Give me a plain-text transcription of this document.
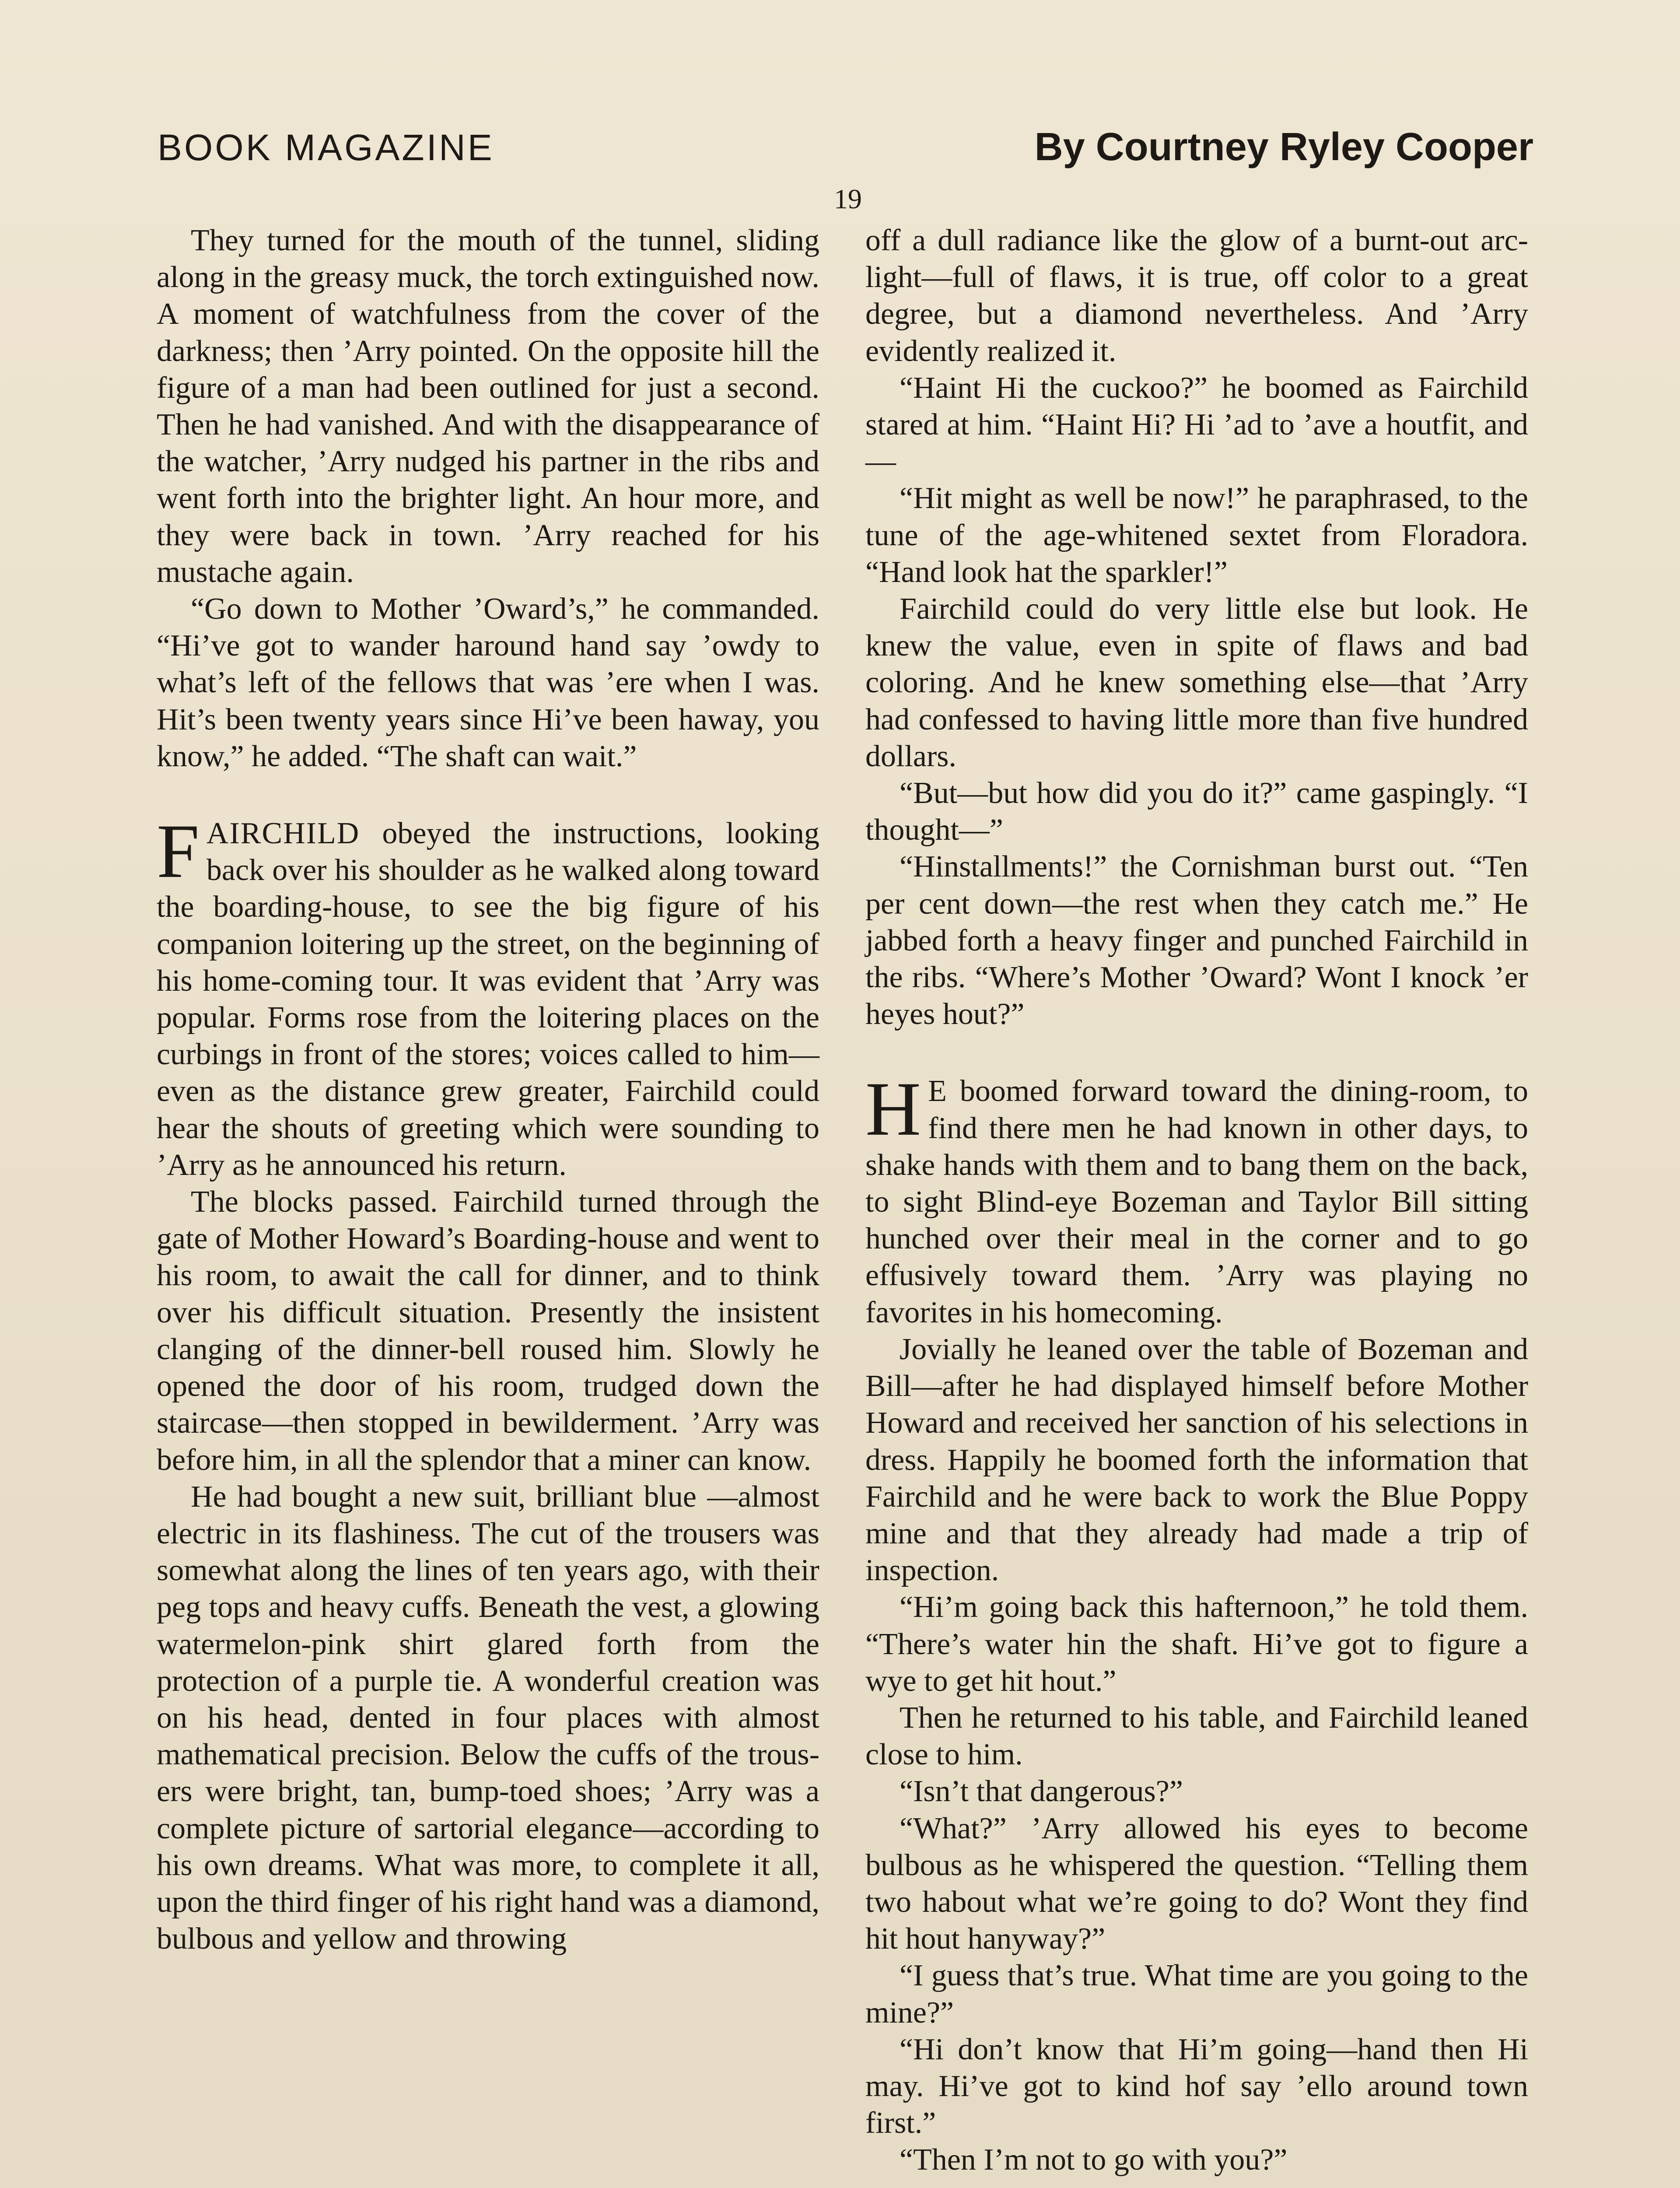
BOOK MAGAZINE	By Courtney Ryley Cooper
19

They turned for the mouth of the tunnel, sliding along in the greasy muck, the torch extinguished now. A moment of watchfulness from the cover of the darkness; then ’Arry pointed. On the opposite hill the figure of a man had been outlined for just a second. Then he had vanished. And with the disappearance of the watcher, ’Arry nudged his partner in the ribs and went forth into the brighter light. An hour more, and they were back in town. ’Arry reached for his mustache again.

“Go down to Mother ’Oward’s,” he commanded. “Hi’ve got to wander haround hand say ’owdy to what’s left of the fellows that was ’ere when I was. Hit’s been twenty years since Hi’ve been haway, you know,” he added. “The shaft can wait.”

FAIRCHILD obeyed the instructions, looking back over his shoulder as he walked along toward the boarding-house, to see the big figure of his companion loitering up the street, on the beginning of his home-coming tour. It was evident that ’Arry was popular. Forms rose from the loitering places on the curbings in front of the stores; voices called to him—even as the distance grew greater, Fairchild could hear the shouts of greeting which were sounding to ’Arry as he announced his return.

The blocks passed. Fairchild turned through the gate of Mother Howard’s Boarding-house and went to his room, to await the call for dinner, and to think over his difficult situation. Presently the insistent clanging of the dinner-bell roused him. Slowly he opened the door of his room, trudged down the staircase—then stopped in bewilderment. ’Arry was before him, in all the splendor that a miner can know.

He had bought a new suit, brilliant blue —almost electric in its flashiness. The cut of the trousers was somewhat along the lines of ten years ago, with their peg tops and heavy cuffs. Beneath the vest, a glowing watermelon-pink shirt glared forth from the protection of a purple tie. A wonderful creation was on his head, dented in four places with almost mathematical precision. Below the cuffs of the trousers were bright, tan, bump-toed shoes; ’Arry was a complete picture of sartorial elegance—according to his own dreams. What was more, to complete it all, upon the third finger of his right hand was a diamond, bulbous and yellow and throwing

off a dull radiance like the glow of a burnt-out arc-light—full of flaws, it is true, off color to a great degree, but a diamond nevertheless. And ’Arry evidently realized it.

“Haint Hi the cuckoo?” he boomed as Fairchild stared at him. “Haint Hi? Hi ’ad to ’ave a houtfit, and—

“Hit might as well be now!” he paraphrased, to the tune of the age-whitened sextet from Floradora. “Hand look hat the sparkler!”

Fairchild could do very little else but look. He knew the value, even in spite of flaws and bad coloring. And he knew something else—that ’Arry had confessed to having little more than five hundred dollars.

“But—but how did you do it?” came gaspingly. “I thought—”

“Hinstallments!” the Cornishman burst out. “Ten per cent down—the rest when they catch me.” He jabbed forth a heavy finger and punched Fairchild in the ribs. “Where’s Mother ’Oward? Wont I knock ’er heyes hout?”

H E boomed forward toward the dining-room, to find there men he had known in other days, to shake hands with them and to bang them on the back, to sight Blind-eye Bozeman and Taylor Bill sitting hunched over their meal in the corner and to go effusively toward them. ’Arry was playing no favorites in his homecoming.

Jovially he leaned over the table of Bozeman and Bill—after he had displayed himself before Mother Howard and received her sanction of his selections in dress. Happily he boomed forth the information that Fairchild and he were back to work the Blue Poppy mine and that they already had made a trip of inspection.

“Hi’m going back this hafternoon,” he told them. “There’s water hin the shaft. Hi’ve got to figure a wye to get hit hout.”

Then he returned to his table, and Fairchild leaned close to him.

“Isn’t that dangerous?”

“What?” ’Arry allowed his eyes to become bulbous as he whispered the question. “Telling them two habout what we’re going to do? Wont they find hit hout hanyway?”

“I guess that’s true. What time are you going to the mine?”

“Hi don’t know that Hi’m going—hand then Hi may. Hi’ve got to kind hof say ’ello around town first.”

“Then I’m not to go with you?”
